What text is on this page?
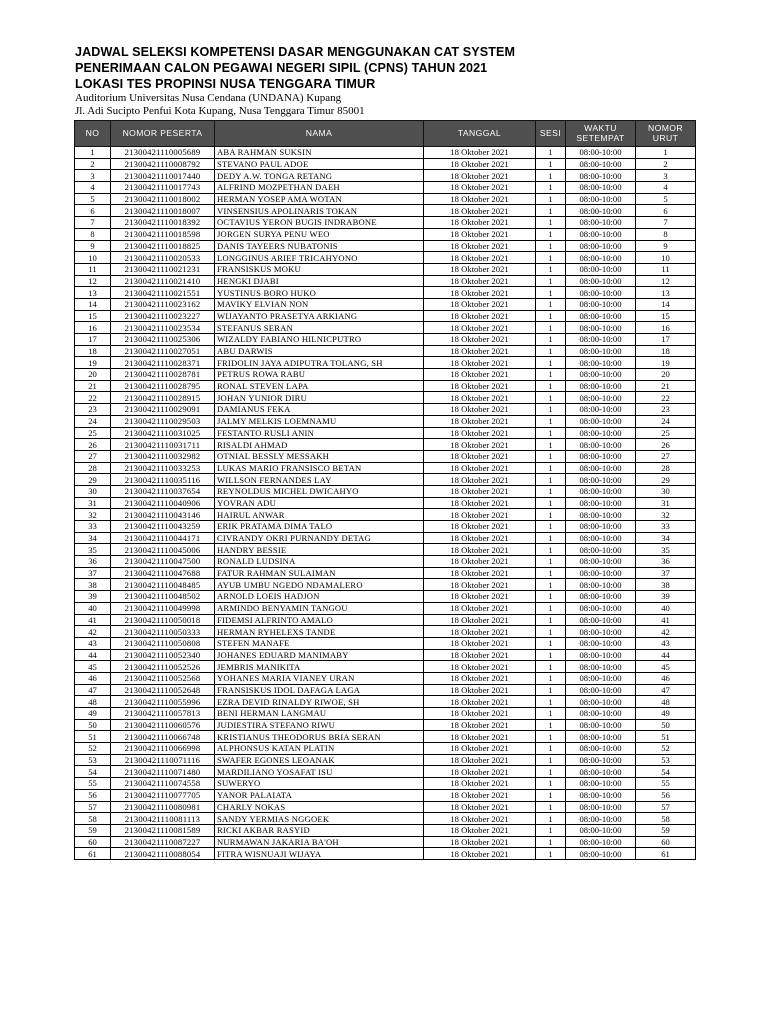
JADWAL SELEKSI KOMPETENSI DASAR MENGGUNAKAN CAT SYSTEM
PENERIMAAN CALON PEGAWAI NEGERI SIPIL (CPNS) TAHUN 2021
LOKASI TES PROPINSI NUSA TENGGARA TIMUR
Auditorium Universitas Nusa Cendana (UNDANA) Kupang
Jl. Adi Sucipto Penfui Kota Kupang, Nusa Tenggara Timur 85001
NO	NOMOR PESERTA	NAMA	TANGGAL	SESI	WAKTU SETEMPAT	NOMOR URUT
1	21300421110005689	ABA RAHMAN SUKSIN	18 Oktober 2021	1	08:00-10:00	1
2	21300421110008792	STEVANO PAUL ADOE	18 Oktober 2021	1	08:00-10:00	2
3	21300421110017440	DEDY A.W. TONGA RETANG	18 Oktober 2021	1	08:00-10:00	3
4	21300421110017743	ALFRIND MOZPETHAN DAEH	18 Oktober 2021	1	08:00-10:00	4
5	21300421110018002	HERMAN YOSEP AMA WOTAN	18 Oktober 2021	1	08:00-10:00	5
6	21300421110018007	VINSENSIUS APOLINARIS TOKAN	18 Oktober 2021	1	08:00-10:00	6
7	21300421110018392	OCTAVIUS YERON BUGIS INDRABONE	18 Oktober 2021	1	08:00-10:00	7
8	21300421110018598	JORGEN SURYA PENU WEO	18 Oktober 2021	1	08:00-10:00	8
9	21300421110018825	DANIS TAYEERS NUBATONIS	18 Oktober 2021	1	08:00-10:00	9
10	21300421110020533	LONGGINUS ARIEF TRICAHYONO	18 Oktober 2021	1	08:00-10:00	10
11	21300421110021231	FRANSISKUS MOKU	18 Oktober 2021	1	08:00-10:00	11
12	21300421110021410	HENGKI DJABI	18 Oktober 2021	1	08:00-10:00	12
13	21300421110021551	YUSTINUS BORO HUKO	18 Oktober 2021	1	08:00-10:00	13
14	21300421110023162	MAVIKY ELVIAN NON	18 Oktober 2021	1	08:00-10:00	14
15	21300421110023227	WIJAYANTO PRASETYA ARKIANG	18 Oktober 2021	1	08:00-10:00	15
16	21300421110023534	STEFANUS SERAN	18 Oktober 2021	1	08:00-10:00	16
17	21300421110025306	WIZALDY FABIANO HILNICPUTRO	18 Oktober 2021	1	08:00-10:00	17
18	21300421110027051	ABU DARWIS	18 Oktober 2021	1	08:00-10:00	18
19	21300421110028371	FRIDOLIN JAYA ADIPUTRA TOLANG, SH	18 Oktober 2021	1	08:00-10:00	19
20	21300421110028781	PETRUS ROWA RABU	18 Oktober 2021	1	08:00-10:00	20
21	21300421110028795	RONAL STEVEN LAPA	18 Oktober 2021	1	08:00-10:00	21
22	21300421110028915	JOHAN YUNIOR DIRU	18 Oktober 2021	1	08:00-10:00	22
23	21300421110029091	DAMIANUS FEKA	18 Oktober 2021	1	08:00-10:00	23
24	21300421110029503	JALMY MELKIS LOEMNAMU	18 Oktober 2021	1	08:00-10:00	24
25	21300421110031025	FESTANTO RUSLI ANIN	18 Oktober 2021	1	08:00-10:00	25
26	21300421110031711	RISALDI AHMAD	18 Oktober 2021	1	08:00-10:00	26
27	21300421110032982	OTNIAL BESSLY MESSAKH	18 Oktober 2021	1	08:00-10:00	27
28	21300421110033253	LUKAS MARIO FRANSISCO BETAN	18 Oktober 2021	1	08:00-10:00	28
29	21300421110035116	WILLSON FERNANDES LAY	18 Oktober 2021	1	08:00-10:00	29
30	21300421110037654	REYNOLDUS MICHEL DWICAHYO	18 Oktober 2021	1	08:00-10:00	30
31	21300421110040906	YOVRAN ADU	18 Oktober 2021	1	08:00-10:00	31
32	21300421110043146	HAIRUL ANWAR	18 Oktober 2021	1	08:00-10:00	32
33	21300421110043259	ERIK PRATAMA DIMA TALO	18 Oktober 2021	1	08:00-10:00	33
34	21300421110044171	CIVRANDY OKRI PURNANDY DETAG	18 Oktober 2021	1	08:00-10:00	34
35	21300421110045006	HANDRY BESSIE	18 Oktober 2021	1	08:00-10:00	35
36	21300421110047500	RONALD LUDSINA	18 Oktober 2021	1	08:00-10:00	36
37	21300421110047688	FATUR RAHMAN SULAIMAN	18 Oktober 2021	1	08:00-10:00	37
38	21300421110048485	AYUB UMBU NGEDO NDAMALERO	18 Oktober 2021	1	08:00-10:00	38
39	21300421110048502	ARNOLD LOEIS HADJON	18 Oktober 2021	1	08:00-10:00	39
40	21300421110049998	ARMINDO BENYAMIN TANGOU	18 Oktober 2021	1	08:00-10:00	40
41	21300421110050018	FIDEMSI ALFRINTO AMALO	18 Oktober 2021	1	08:00-10:00	41
42	21300421110050333	HERMAN RYHELEXS TANDE	18 Oktober 2021	1	08:00-10:00	42
43	21300421110050808	STEFEN MANAFE	18 Oktober 2021	1	08:00-10:00	43
44	21300421110052340	JOHANES EDUARD MANIMABY	18 Oktober 2021	1	08:00-10:00	44
45	21300421110052526	JEMBRIS MANIKITA	18 Oktober 2021	1	08:00-10:00	45
46	21300421110052568	YOHANES MARIA VIANEY URAN	18 Oktober 2021	1	08:00-10:00	46
47	21300421110052648	FRANSISKUS IDOL DAFAGA LAGA	18 Oktober 2021	1	08:00-10:00	47
48	21300421110055996	EZRA DEVID RINALDY RIWOE, SH	18 Oktober 2021	1	08:00-10:00	48
49	21300421110057813	BENI HERMAN LANGMAU	18 Oktober 2021	1	08:00-10:00	49
50	21300421110060576	JUDIESTIRA STEFANO RIWU	18 Oktober 2021	1	08:00-10:00	50
51	21300421110066748	KRISTIANUS THEODORUS BRIA SERAN	18 Oktober 2021	1	08:00-10:00	51
52	21300421110066998	ALPHONSUS KATAN PLATIN	18 Oktober 2021	1	08:00-10:00	52
53	21300421110071116	SWAFER EGONES LEOANAK	18 Oktober 2021	1	08:00-10:00	53
54	21300421110071480	MARDILIANO YOSAFAT ISU	18 Oktober 2021	1	08:00-10:00	54
55	21300421110074558	SUWERYO	18 Oktober 2021	1	08:00-10:00	55
56	21300421110077705	YANOR PALAIATA	18 Oktober 2021	1	08:00-10:00	56
57	21300421110080981	CHARLY NOKAS	18 Oktober 2021	1	08:00-10:00	57
58	21300421110081113	SANDY YERMIAS NGGOEK	18 Oktober 2021	1	08:00-10:00	58
59	21300421110081589	RICKI AKBAR RASYID	18 Oktober 2021	1	08:00-10:00	59
60	21300421110087227	NURMAWAN JAKARIA BA'OH	18 Oktober 2021	1	08:00-10:00	60
61	21300421110088054	FITRA WISNUAJI WIJAYA	18 Oktober 2021	1	08:00-10:00	61
